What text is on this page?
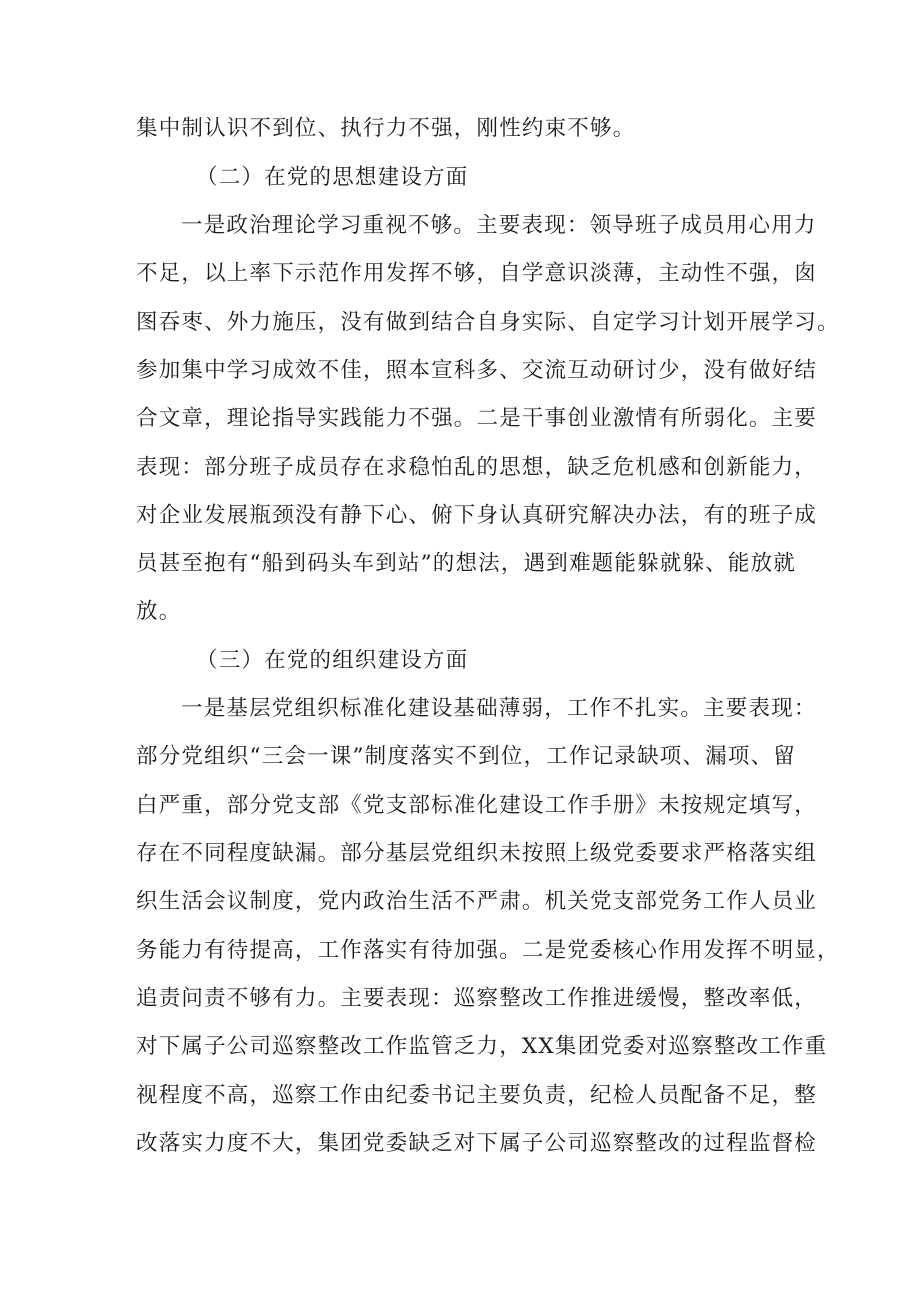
集中制认识不到位、执行力不强，刚性约束不够。
（二）在党的思想建设方面
一是政治理论学习重视不够。主要表现：领导班子成员用心用力
不足，以上率下示范作用发挥不够，自学意识淡薄，主动性不强，囱
图吞枣、外力施压，没有做到结合自身实际、自定学习计划开展学习。
参加集中学习成效不佳，照本宣科多、交流互动研讨少，没有做好结
合文章，理论指导实践能力不强。二是干事创业激情有所弱化。主要
表现：部分班子成员存在求稳怕乱的思想，缺乏危机感和创新能力，
对企业发展瓶颈没有静下心、俯下身认真研究解决办法，有的班子成
员甚至抱有“船到码头车到站”的想法，遇到难题能躲就躲、能放就
放。
（三）在党的组织建设方面
一是基层党组织标准化建设基础薄弱，工作不扎实。主要表现：
部分党组织“三会一课”制度落实不到位，工作记录缺项、漏项、留
白严重，部分党支部《党支部标准化建设工作手册》未按规定填写，
存在不同程度缺漏。部分基层党组织未按照上级党委要求严格落实组
织生活会议制度，党内政治生活不严肃。机关党支部党务工作人员业
务能力有待提高，工作落实有待加强。二是党委核心作用发挥不明显，
追责问责不够有力。主要表现：巡察整改工作推进缓慢，整改率低，
对下属子公司巡察整改工作监管乏力，XX集团党委对巡察整改工作重
视程度不高，巡察工作由纪委书记主要负责，纪检人员配备不足，整
改落实力度不大，集团党委缺乏对下属子公司巡察整改的过程监督检
